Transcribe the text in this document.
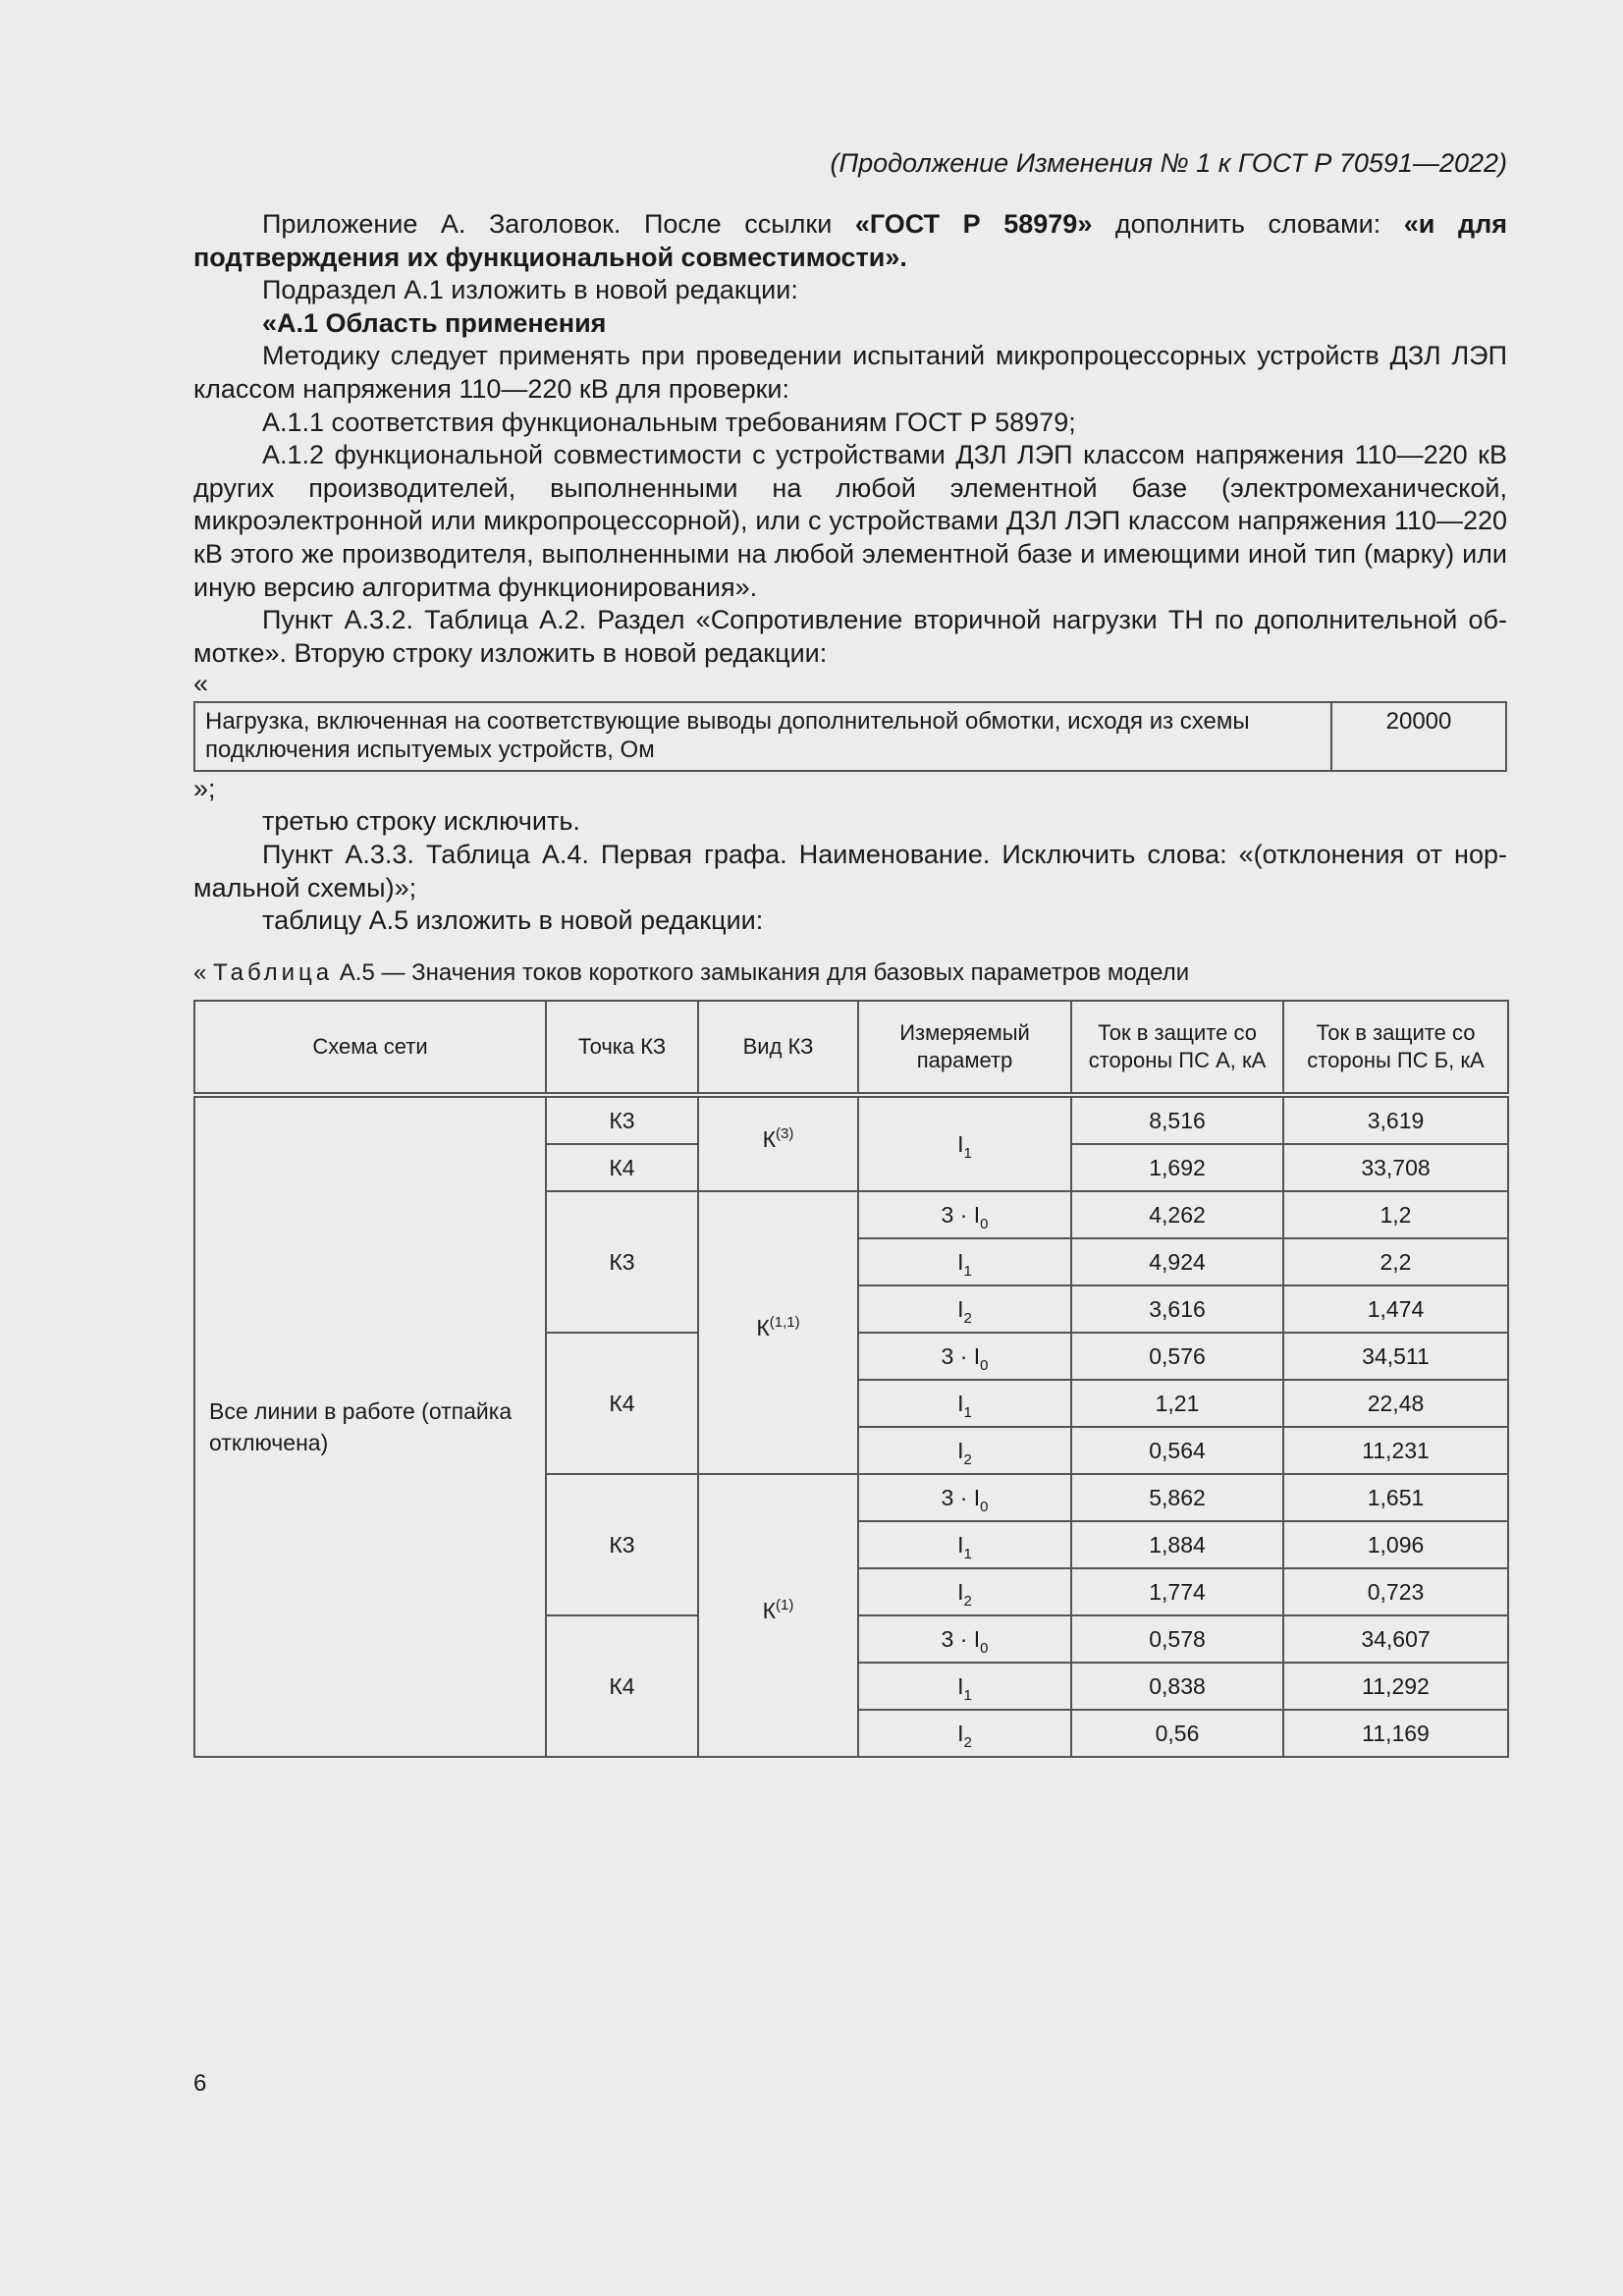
(Продолжение Изменения № 1 к ГОСТ Р 70591—2022)

Приложение А. Заголовок. После ссылки «ГОСТ Р 58979» дополнить словами: «и для подтверждения их функциональной совместимости».

Подраздел А.1 изложить в новой редакции:

«А.1 Область применения

Методику следует применять при проведении испытаний микропроцессорных устройств ДЗЛ ЛЭП классом напряжения 110—220 кВ для проверки:

А.1.1 соответствия функциональным требованиям ГОСТ Р 58979;

А.1.2 функциональной совместимости с устройствами ДЗЛ ЛЭП классом напряжения 110—220 кВ других производителей, выполненными на любой элементной базе (электромеханической, микроэлектронной или микропроцессорной), или с устройствами ДЗЛ ЛЭП классом напряжения 110—220 кВ этого же производителя, выполненными на любой элементной базе и имеющими иной тип (марку) или иную версию алгоритма функционирования».

Пункт А.3.2. Таблица А.2. Раздел «Сопротивление вторичной нагрузки ТН по дополнительной обмотке». Вторую строку изложить в новой редакции:

«

Нагрузка, включенная на соответствующие выводы дополнительной обмотки, исходя из схемы подключения испытуемых устройств, Ом	20000

»;

третью строку исключить.

Пункт А.3.3. Таблица А.4. Первая графа. Наименование. Исключить слова: «(отклонения от нормальной схемы)»;

таблицу А.5 изложить в новой редакции:

« Таблица А.5 — Значения токов короткого замыкания для базовых параметров модели
Схема сети	Точка КЗ	Вид КЗ	Измеряемый параметр	Ток в защите со стороны ПС А, кА	Ток в защите со стороны ПС Б, кА
Все линии в работе (отпайка отключена)	К3	$К^{(3)}$	$I_1$	8,516	3,619
	К4			1,692	33,708
	К3	К$^{(1,1)}$	$3 \cdot I_0$	4,262	1,2
			$I_1$	4,924	2,2
			$I_2$	3,616	1,474
	К4		$3 \cdot I_0$	0,576	34,511
			$I_1$	1,21	22,48
			$I_2$	0,564	11,231
	К3	$К^{(1)}$	$3 \cdot I_0$	5,862	1,651
			$I_1$	1,884	1,096
			$I_2$	1,774	0,723
	К4		$3 \cdot I_0$	0,578	34,607
			$I_1$	0,838	11,292
			$I_2$	0,56	11,169
6
